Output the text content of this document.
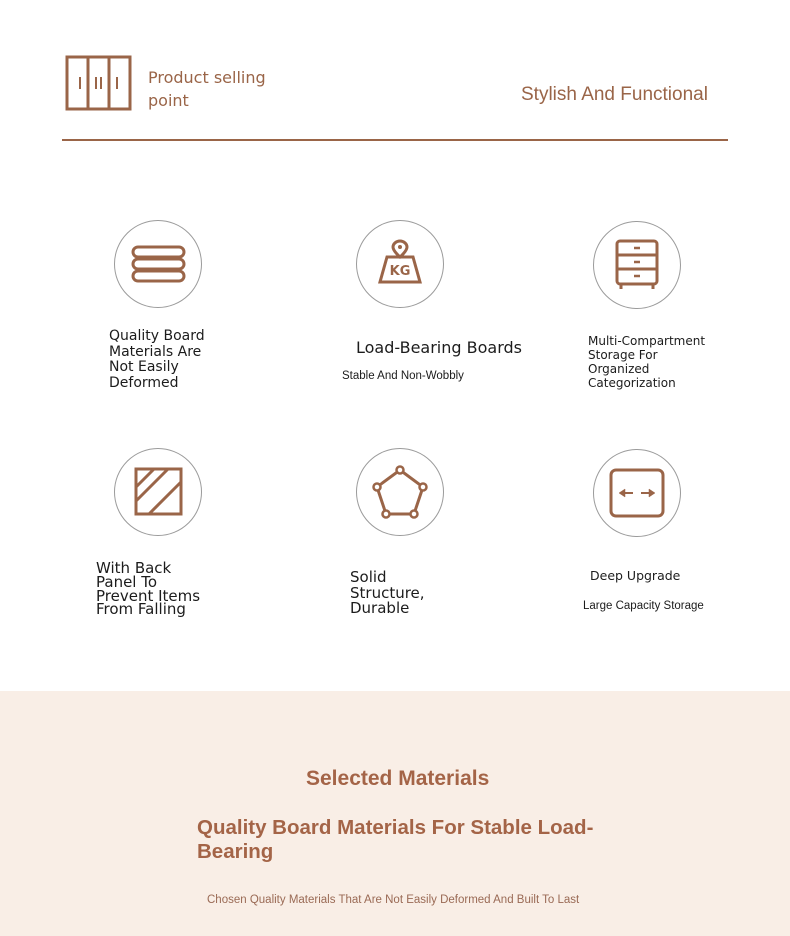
Product selling point	Stylish And Functional
Quality Board
Materials Are
Not Easily
Deformed
KG
Load-Bearing Boards
Stable And Non-Wobbly
Multi-Compartment
Storage For
Organized
Categorization
With Back
Panel To
Prevent Items
From Falling
Solid
Structure,
Durable
Deep Upgrade
Large Capacity Storage
Selected Materials
Quality Board Materials For Stable Load-Bearing
Chosen Quality Materials That Are Not Easily Deformed And Built To Last
